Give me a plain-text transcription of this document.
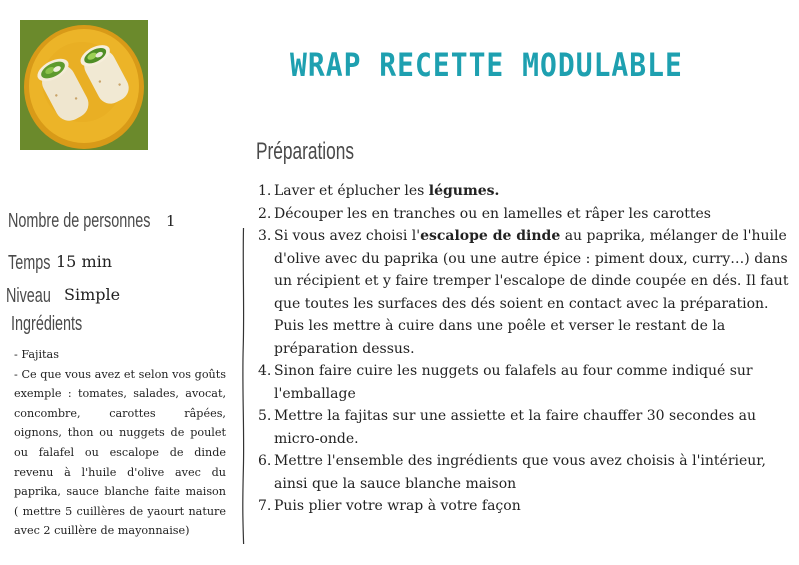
WRAP RECETTE MODULABLE
Nombre de personnes 1
Temps 15 min
Niveau Simple
Ingrédients

- Fajitas

- Ce que vous avez et selon vos goûts exemple : tomates, salades, avocat, concombre, carottes râpées, oignons, thon ou nuggets de poulet ou falafel ou escalope de dinde revenu à l'huile d'olive avec du paprika, sauce blanche faite maison ( mettre 5 cuillères de yaourt nature avec 2 cuillère de mayonnaise)

Préparations
1. Laver et éplucher les légumes.
2. Découper les en tranches ou en lamelles et râper les carottes
3. Si vous avez choisi l'escalope de dinde au paprika, mélanger de l'huile d'olive avec du paprika (ou une autre épice : piment doux, curry…) dans un récipient et y faire tremper l'escalope de dinde coupée en dés. Il faut que toutes les surfaces des dés soient en contact avec la préparation. Puis les mettre à cuire dans une poêle et verser le restant de la préparation dessus.
4. Sinon faire cuire les nuggets ou falafels au four comme indiqué sur l'emballage
5. Mettre la fajitas sur une assiette et la faire chauffer 30 secondes au micro-onde.
6. Mettre l'ensemble des ingrédients que vous avez choisis à l'intérieur, ainsi que la sauce blanche maison
7. Puis plier votre wrap à votre façon
